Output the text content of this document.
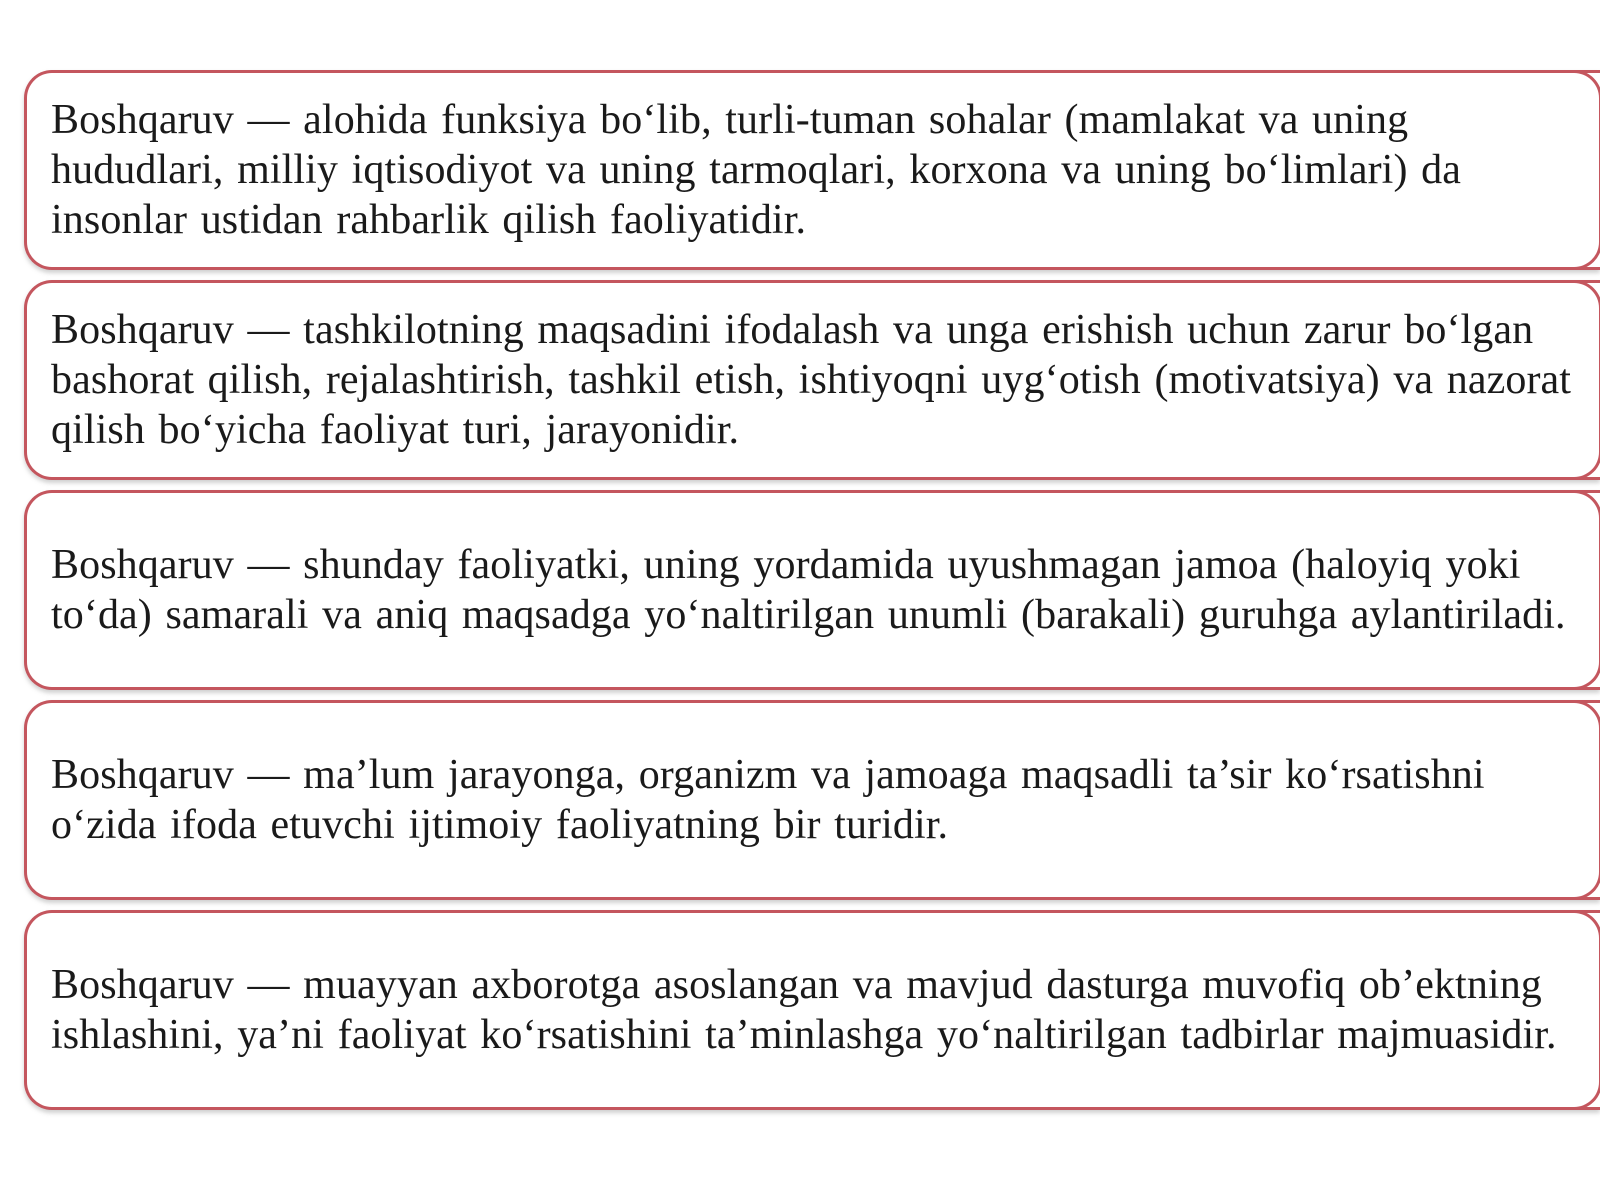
Boshqaruv — alohida funksiya bo‘lib, turli-tuman sohalar (mamlakat va uning hududlari, milliy iqtisodiyot va uning tarmoqlari, korxona va uning bo‘limlari) da insonlar ustidan rahbarlik qilish faoliyatidir.

Boshqaruv — tashkilotning maqsadini ifodalash va unga erishish uchun zarur bo‘lgan bashorat qilish, rejalashtirish, tashkil etish, ishtiyoqni uyg‘otish (motivatsiya) va nazorat qilish bo‘yicha faoliyat turi, jarayonidir.

Boshqaruv — shunday faoliyatki, uning yordamida uyushmagan jamoa (haloyiq yoki to‘da) samarali va aniq maqsadga yo‘naltirilgan unumli (barakali) guruhga aylantiriladi.

Boshqaruv — ma’lum jarayonga, organizm va jamoaga maqsadli ta’sir ko‘rsatishni o‘zida ifoda etuvchi ijtimoiy faoliyatning bir turidir.

Boshqaruv — muayyan axborotga asoslangan va mavjud dasturga muvofiq ob’ektning ishlashini, ya’ni faoliyat ko‘rsatishini ta’minlashga yo‘naltirilgan tadbirlar majmuasidir.
